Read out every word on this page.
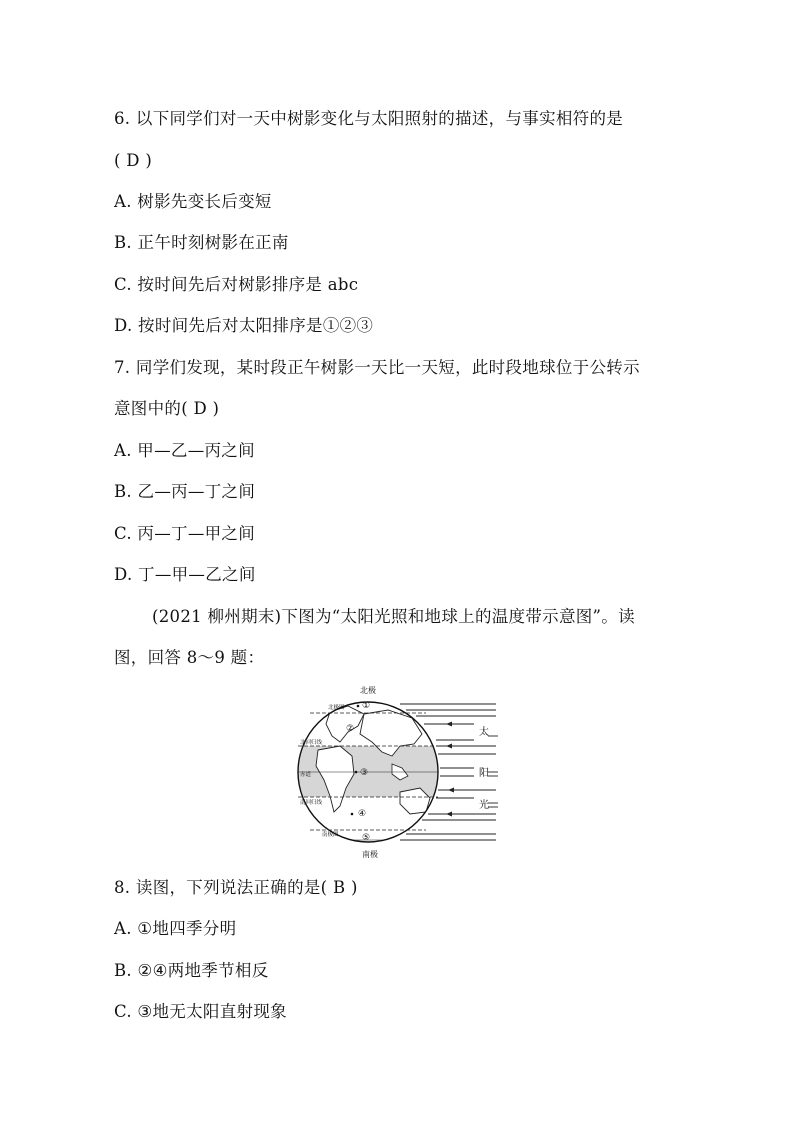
6. 以下同学们对一天中树影变化与太阳照射的描述，与事实相符的是
( D )
A. 树影先变长后变短
B. 正午时刻树影在正南
C. 按时间先后对树影排序是 abc
D. 按时间先后对太阳排序是①②③
7. 同学们发现，某时段正午树影一天比一天短，此时段地球位于公转示
意图中的( D )
A. 甲—乙—丙之间
B. 乙—丙—丁之间
C. 丙—丁—甲之间
D. 丁—甲—乙之间
(2021 柳州期末)下图为“太阳光照和地球上的温度带示意图”。读
图，回答 8～9 题：
北极
北极圈
北回归线
赤道
南回归线
南极圈
南极
①
②
③
④
⑤
太
阳
光
8. 读图，下列说法正确的是( B )
A. ①地四季分明
B. ②④两地季节相反
C. ③地无太阳直射现象
